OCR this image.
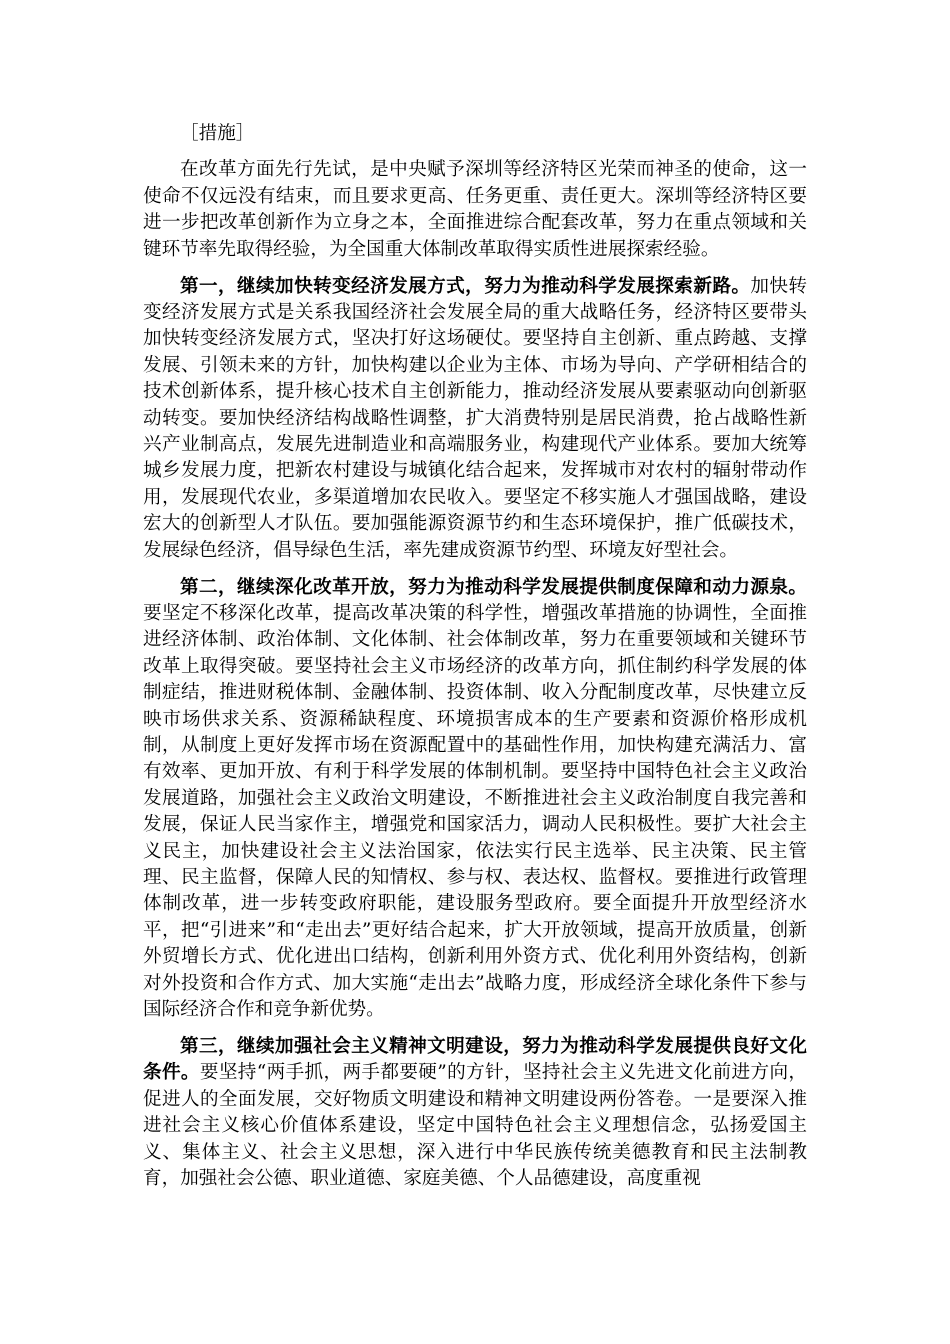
［措施］

在改革方面先行先试，是中央赋予深圳等经济特区光荣而神圣的使命，这一使命不仅远没有结束，而且要求更高、任务更重、责任更大。深圳等经济特区要进一步把改革创新作为立身之本，全面推进综合配套改革，努力在重点领域和关键环节率先取得经验，为全国重大体制改革取得实质性进展探索经验。

第一，继续加快转变经济发展方式，努力为推动科学发展探索新路。加快转变经济发展方式是关系我国经济社会发展全局的重大战略任务，经济特区要带头加快转变经济发展方式，坚决打好这场硬仗。要坚持自主创新、重点跨越、支撑发展、引领未来的方针，加快构建以企业为主体、市场为导向、产学研相结合的技术创新体系，提升核心技术自主创新能力，推动经济发展从要素驱动向创新驱动转变。要加快经济结构战略性调整，扩大消费特别是居民消费，抢占战略性新兴产业制高点，发展先进制造业和高端服务业，构建现代产业体系。要加大统筹城乡发展力度，把新农村建设与城镇化结合起来，发挥城市对农村的辐射带动作用，发展现代农业，多渠道增加农民收入。要坚定不移实施人才强国战略，建设宏大的创新型人才队伍。要加强能源资源节约和生态环境保护，推广低碳技术，发展绿色经济，倡导绿色生活，率先建成资源节约型、环境友好型社会。

第二，继续深化改革开放，努力为推动科学发展提供制度保障和动力源泉。要坚定不移深化改革，提高改革决策的科学性，增强改革措施的协调性，全面推进经济体制、政治体制、文化体制、社会体制改革，努力在重要领域和关键环节改革上取得突破。要坚持社会主义市场经济的改革方向，抓住制约科学发展的体制症结，推进财税体制、金融体制、投资体制、收入分配制度改革，尽快建立反映市场供求关系、资源稀缺程度、环境损害成本的生产要素和资源价格形成机制，从制度上更好发挥市场在资源配置中的基础性作用，加快构建充满活力、富有效率、更加开放、有利于科学发展的体制机制。要坚持中国特色社会主义政治发展道路，加强社会主义政治文明建设，不断推进社会主义政治制度自我完善和发展，保证人民当家作主，增强党和国家活力，调动人民积极性。要扩大社会主义民主，加快建设社会主义法治国家，依法实行民主选举、民主决策、民主管理、民主监督，保障人民的知情权、参与权、表达权、监督权。要推进行政管理体制改革，进一步转变政府职能，建设服务型政府。要全面提升开放型经济水平，把“引进来”和“走出去”更好结合起来，扩大开放领域，提高开放质量，创新外贸增长方式、优化进出口结构，创新利用外资方式、优化利用外资结构，创新对外投资和合作方式、加大实施“走出去”战略力度，形成经济全球化条件下参与国际经济合作和竞争新优势。

第三，继续加强社会主义精神文明建设，努力为推动科学发展提供良好文化条件。要坚持“两手抓，两手都要硬”的方针，坚持社会主义先进文化前进方向，促进人的全面发展，交好物质文明建设和精神文明建设两份答卷。一是要深入推进社会主义核心价值体系建设，坚定中国特色社会主义理想信念，弘扬爱国主义、集体主义、社会主义思想，深入进行中华民族传统美德教育和民主法制教育，加强社会公德、职业道德、家庭美德、个人品德建设，高度重视
